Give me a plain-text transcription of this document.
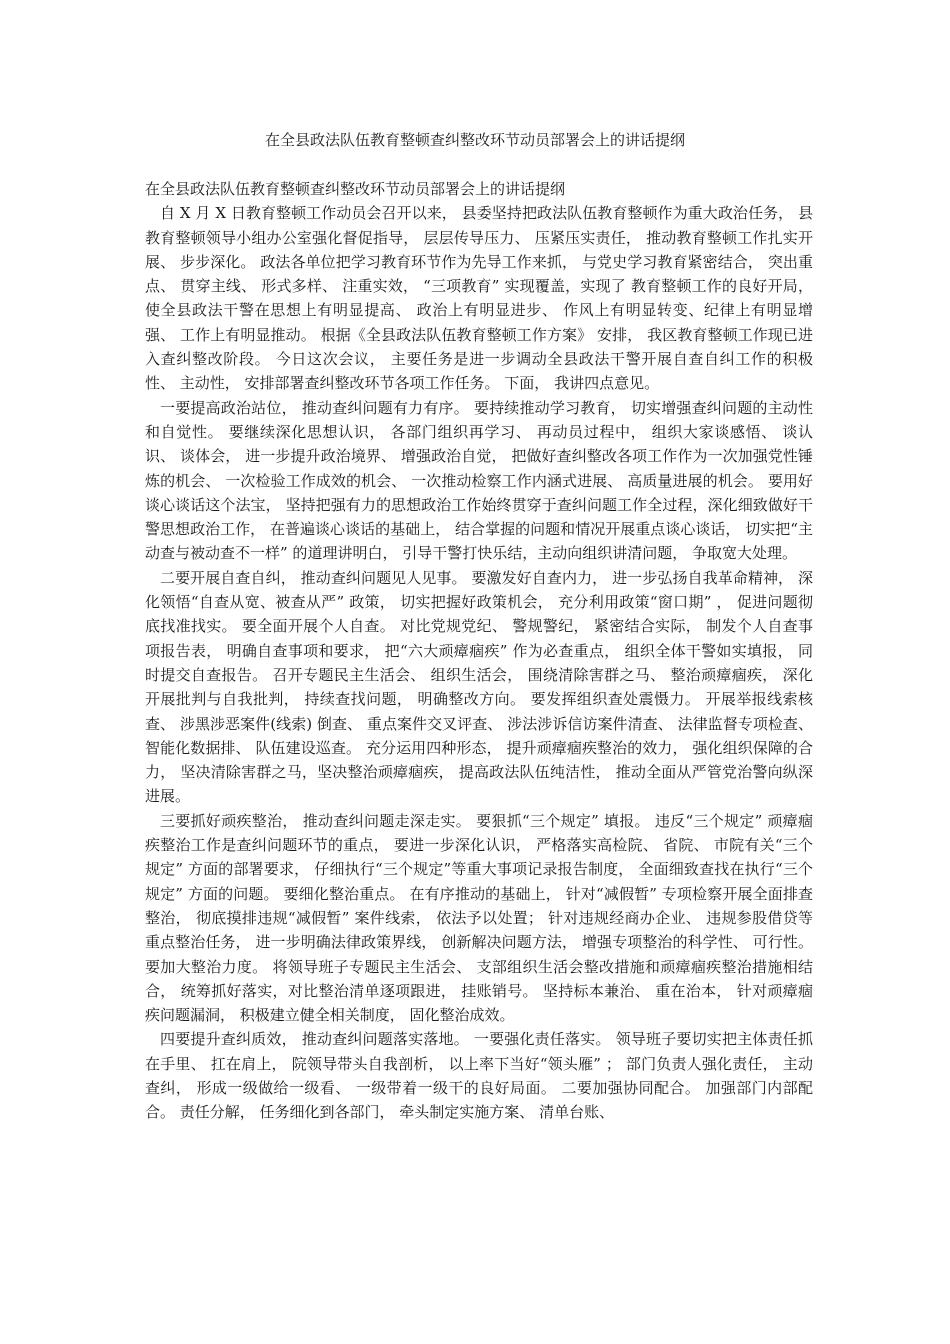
在全县政法队伍教育整顿查纠整改环节动员部署会上的讲话提纲

在全县政法队伍教育整顿查纠整改环节动员部署会上的讲话提纲

自 X 月 X 日教育整顿工作动员会召开以来， 县委坚持把政法队伍教育整顿作为重大政治任务， 县教育整顿领导小组办公室强化督促指导， 层层传导压力、 压紧压实责任， 推动教育整顿工作扎实开展、 步步深化。 政法各单位把学习教育环节作为先导工作来抓， 与党史学习教育紧密结合， 突出重点、 贯穿主线、 形式多样、 注重实效， “三项教育” 实现覆盖，实现了 教育整顿工作的良好开局， 使全县政法干警在思想上有明显提高、 政治上有明显进步、 作风上有明显转变、纪律上有明显增强、 工作上有明显推动。 根据《全县政法队伍教育整顿工作方案》 安排， 我区教育整顿工作现已进入查纠整改阶段。 今日这次会议， 主要任务是进一步调动全县政法干警开展自查自纠工作的积极性、 主动性， 安排部署查纠整改环节各项工作任务。 下面， 我讲四点意见。

一要提高政治站位， 推动查纠问题有力有序。 要持续推动学习教育， 切实增强查纠问题的主动性和自觉性。 要继续深化思想认识， 各部门组织再学习、 再动员过程中， 组织大家谈感悟、 谈认识、 谈体会， 进一步提升政治境界、 增强政治自觉， 把做好查纠整改各项工作作为一次加强党性锤炼的机会、 一次检验工作成效的机会、 一次推动检察工作内涵式进展、 高质量进展的机会。 要用好谈心谈话这个法宝， 坚持把强有力的思想政治工作始终贯穿于查纠问题工作全过程，深化细致做好干警思想政治工作， 在普遍谈心谈话的基础上， 结合掌握的问题和情况开展重点谈心谈话， 切实把“主动查与被动查不一样” 的道理讲明白， 引导干警打快乐结，主动向组织讲清问题， 争取宽大处理。

二要开展自查自纠， 推动查纠问题见人见事。 要激发好自查内力， 进一步弘扬自我革命精神， 深化领悟“自查从宽、被查从严” 政策， 切实把握好政策机会， 充分利用政策“窗口期” ， 促进问题彻底找准找实。 要全面开展个人自查。 对比党规党纪、 警规警纪， 紧密结合实际， 制发个人自查事项报告表， 明确自查事项和要求， 把“六大顽瘴痼疾” 作为必查重点， 组织全体干警如实填报， 同时提交自查报告。 召开专题民主生活会、 组织生活会， 围绕清除害群之马、 整治顽瘴痼疾， 深化开展批判与自我批判， 持续查找问题， 明确整改方向。 要发挥组织查处震慑力。 开展举报线索核查、 涉黑涉恶案件(线索) 倒查、 重点案件交叉评查、 涉法涉诉信访案件清查、 法律监督专项检查、 智能化数据排、 队伍建设巡查。 充分运用四种形态， 提升顽瘴痼疾整治的效力， 强化组织保障的合力， 坚决清除害群之马，坚决整治顽瘴痼疾， 提高政法队伍纯洁性， 推动全面从严管党治警向纵深进展。

三要抓好顽疾整治， 推动查纠问题走深走实。 要狠抓“三个规定” 填报。 违反“三个规定” 顽瘴痼疾整治工作是查纠问题环节的重点， 要进一步深化认识， 严格落实高检院、 省院、 市院有关“三个规定” 方面的部署要求， 仔细执行“三个规定”等重大事项记录报告制度， 全面细致查找在执行“三个规定” 方面的问题。 要细化整治重点。 在有序推动的基础上， 针对“减假暂” 专项检察开展全面排查整治， 彻底摸排违规“减假暂” 案件线索， 依法予以处置； 针对违规经商办企业、 违规参股借贷等重点整治任务， 进一步明确法律政策界线， 创新解决问题方法， 增强专项整治的科学性、 可行性。要加大整治力度。 将领导班子专题民主生活会、 支部组织生活会整改措施和顽瘴痼疾整治措施相结合， 统筹抓好落实，对比整治清单逐项跟进， 挂账销号。 坚持标本兼治、 重在治本， 针对顽瘴痼疾问题漏洞， 积极建立健全相关制度， 固化整治成效。

四要提升查纠质效， 推动查纠问题落实落地。 一要强化责任落实。 领导班子要切实把主体责任抓在手里、 扛在肩上， 院领导带头自我剖析， 以上率下当好“领头雁” ； 部门负责人强化责任， 主动查纠， 形成一级做给一级看、 一级带着一级干的良好局面。 二要加强协同配合。 加强部门内部配合。 责任分解， 任务细化到各部门， 牵头制定实施方案、 清单台账、
